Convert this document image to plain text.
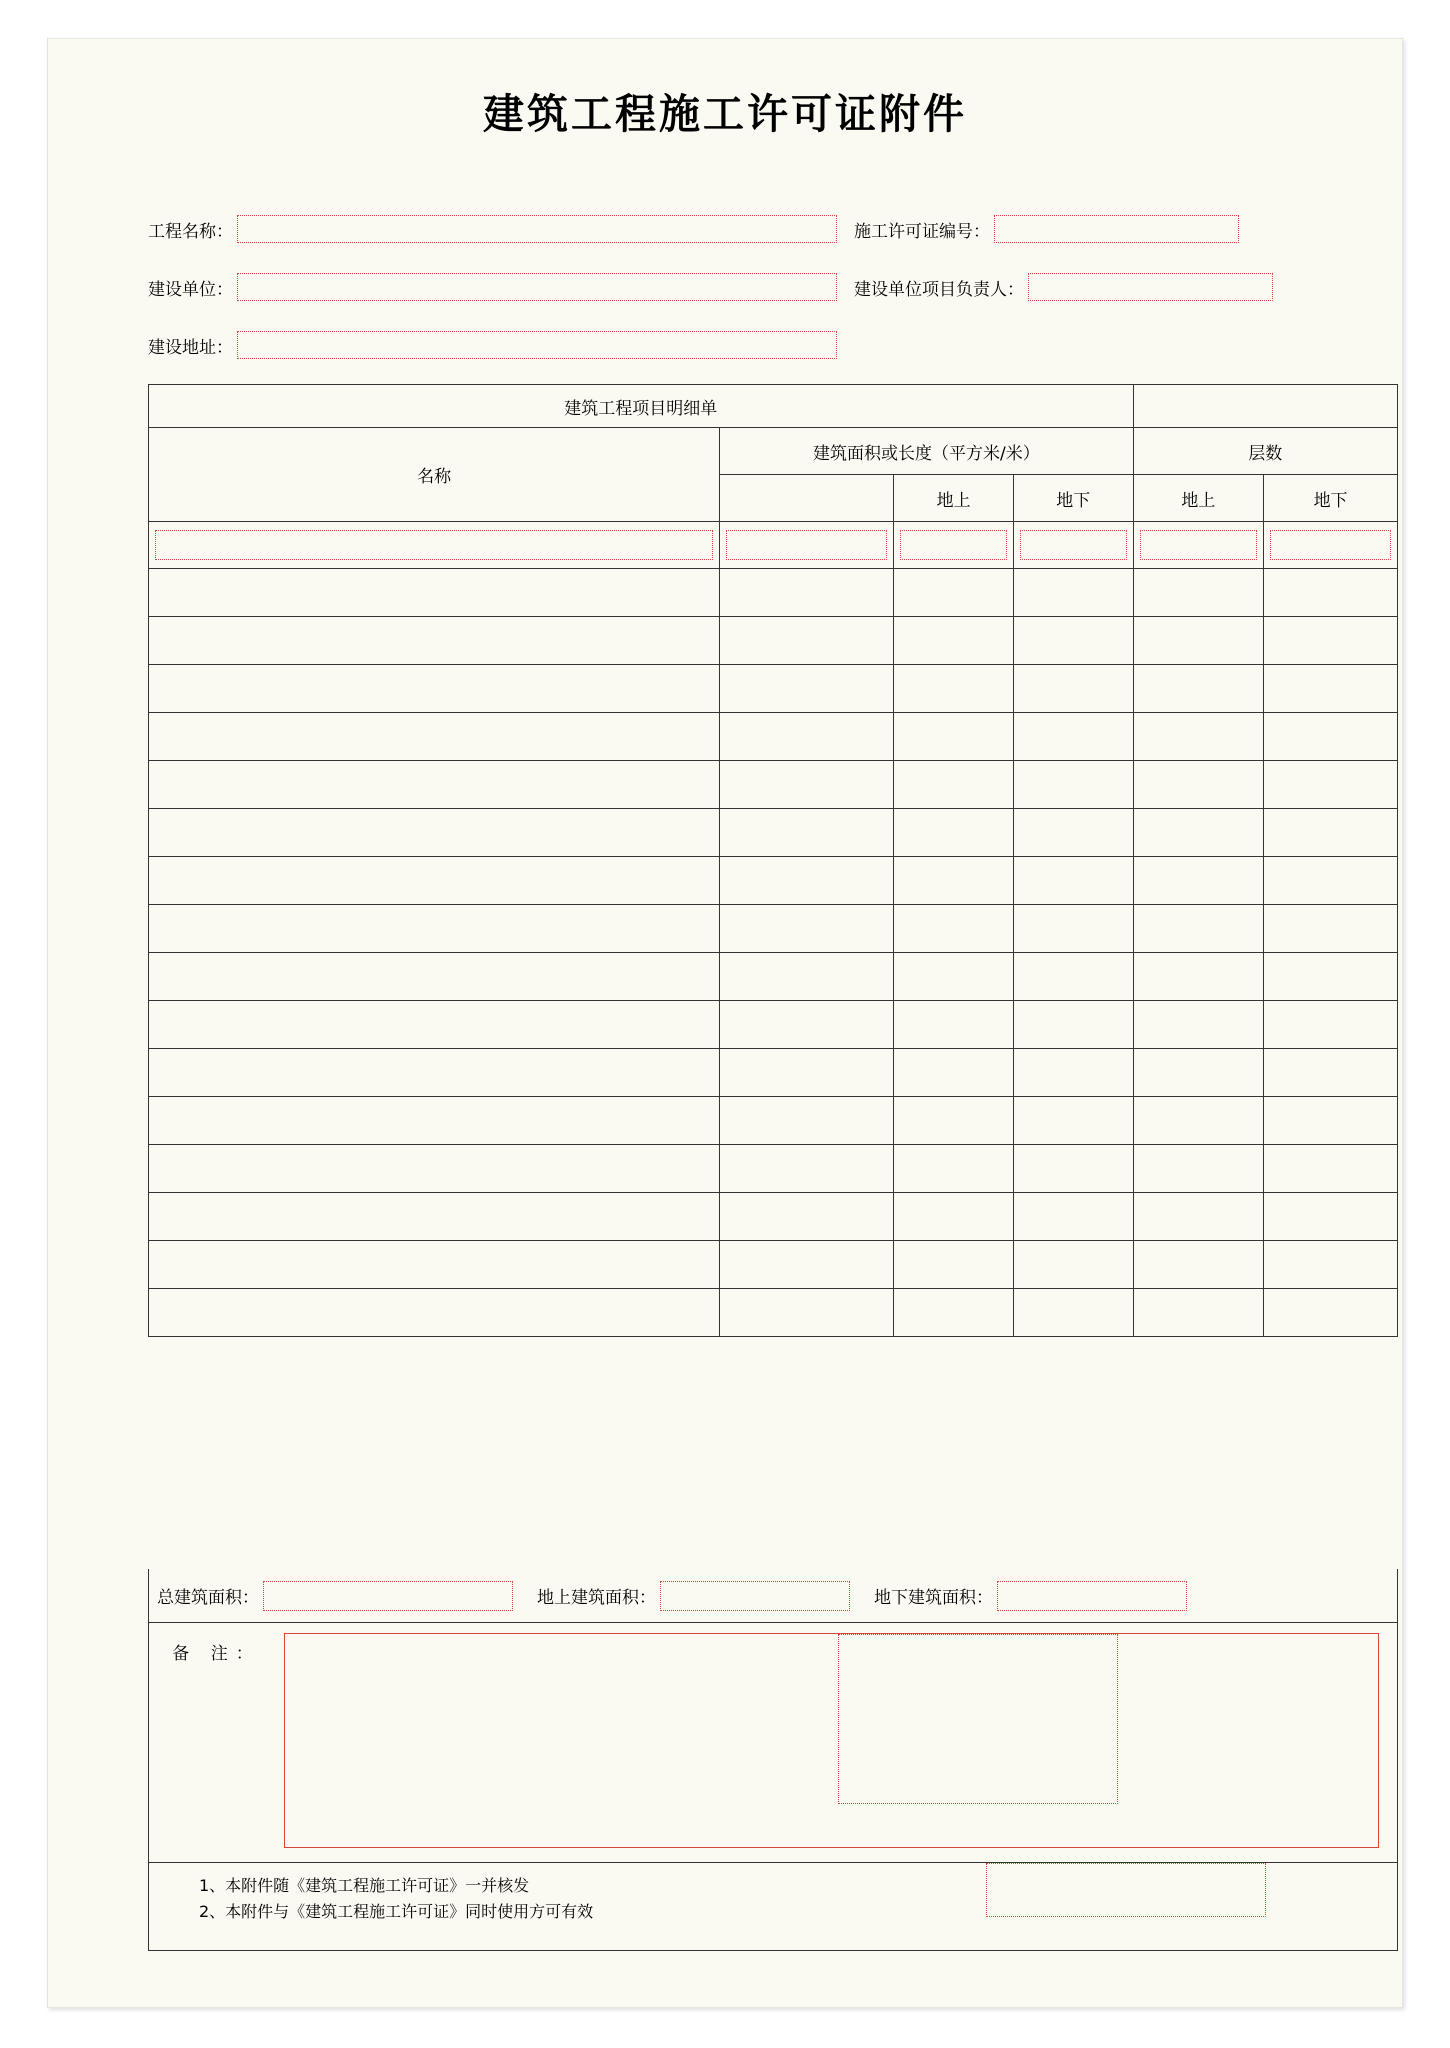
建筑工程施工许可证附件
工程名称：	施工许可证编号：
建设单位：	建设单位项目负责人：
建设地址：
建筑工程项目明细单					
名称	建筑面积或长度（平方米/米）			层数	
		地上	地下	地上	地下

总建筑面积：	地上建筑面积：	地下建筑面积：
备 注：
1、本附件随《建筑工程施工许可证》一并核发
2、本附件与《建筑工程施工许可证》同时使用方可有效
